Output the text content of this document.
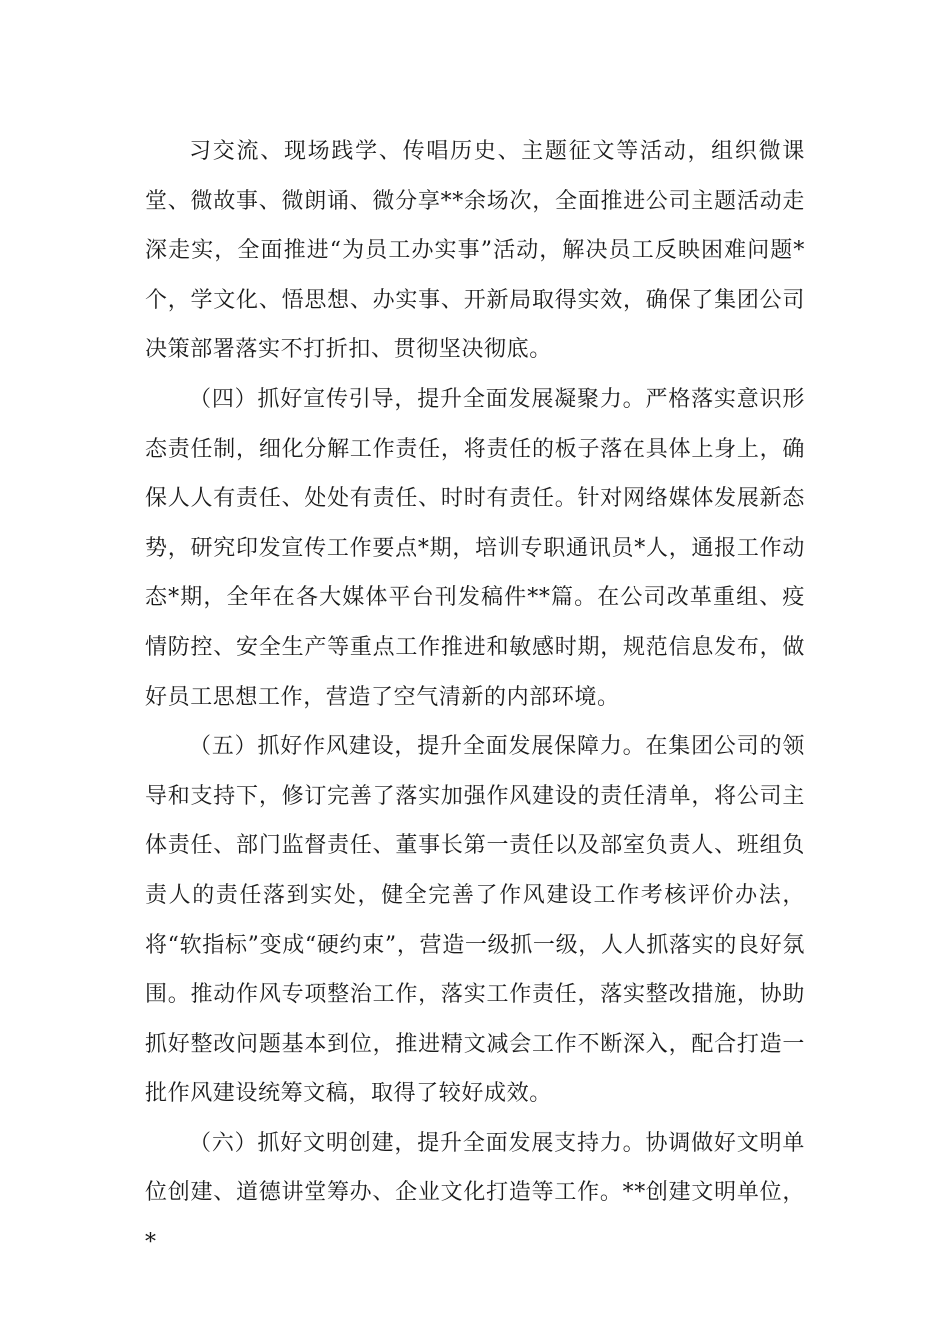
习交流、现场践学、传唱历史、主题征文等活动，组织微课堂、微故事、微朗诵、微分享**余场次，全面推进公司主题活动走深走实，全面推进“为员工办实事”活动，解决员工反映困难问题*个，学文化、悟思想、办实事、开新局取得实效，确保了集团公司决策部署落实不打折扣、贯彻坚决彻底。

（四）抓好宣传引导，提升全面发展凝聚力。严格落实意识形态责任制，细化分解工作责任，将责任的板子落在具体上身上，确保人人有责任、处处有责任、时时有责任。针对网络媒体发展新态势，研究印发宣传工作要点*期，培训专职通讯员*人，通报工作动态*期，全年在各大媒体平台刊发稿件**篇。在公司改革重组、疫情防控、安全生产等重点工作推进和敏感时期，规范信息发布，做好员工思想工作，营造了空气清新的内部环境。

（五）抓好作风建设，提升全面发展保障力。在集团公司的领导和支持下，修订完善了落实加强作风建设的责任清单，将公司主体责任、部门监督责任、董事长第一责任以及部室负责人、班组负责人的责任落到实处，健全完善了作风建设工作考核评价办法，将“软指标”变成“硬约束”，营造一级抓一级，人人抓落实的良好氛围。推动作风专项整治工作，落实工作责任，落实整改措施，协助抓好整改问题基本到位，推进精文减会工作不断深入，配合打造一批作风建设统筹文稿，取得了较好成效。

（六）抓好文明创建，提升全面发展支持力。协调做好文明单位创建、道德讲堂筹办、企业文化打造等工作。**创建文明单位，*
